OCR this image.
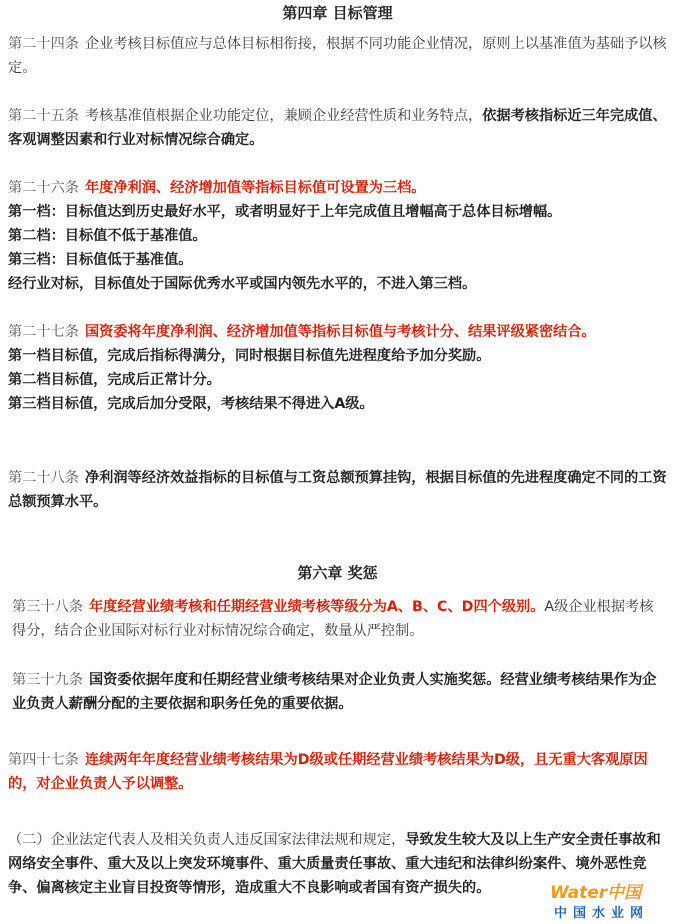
第四章 目标管理
第二十四条 企业考核目标值应与总体目标相衔接，根据不同功能企业情况，原则上以基准值为基础予以核定。
第二十五条 考核基准值根据企业功能定位，兼顾企业经营性质和业务特点，依据考核指标近三年完成值、客观调整因素和行业对标情况综合确定。
第二十六条 年度净利润、经济增加值等指标目标值可设置为三档。
第一档：目标值达到历史最好水平，或者明显好于上年完成值且增幅高于总体目标增幅。
第二档：目标值不低于基准值。
第三档：目标值低于基准值。
经行业对标，目标值处于国际优秀水平或国内领先水平的，不进入第三档。
第二十七条 国资委将年度净利润、经济增加值等指标目标值与考核计分、结果评级紧密结合。
第一档目标值，完成后指标得满分，同时根据目标值先进程度给予加分奖励。
第二档目标值，完成后正常计分。
第三档目标值，完成后加分受限，考核结果不得进入A级。
第二十八条 净利润等经济效益指标的目标值与工资总额预算挂钩，根据目标值的先进程度确定不同的工资总额预算水平。
第六章 奖惩
第三十八条 年度经营业绩考核和任期经营业绩考核等级分为A、B、C、D四个级别。A级企业根据考核得分，结合企业国际对标行业对标情况综合确定，数量从严控制。
第三十九条 国资委依据年度和任期经营业绩考核结果对企业负责人实施奖惩。经营业绩考核结果作为企业负责人薪酬分配的主要依据和职务任免的重要依据。
第四十七条 连续两年年度经营业绩考核结果为D级或任期经营业绩考核结果为D级，且无重大客观原因的，对企业负责人予以调整。
（二）企业法定代表人及相关负责人违反国家法律法规和规定，导致发生较大及以上生产安全责任事故和网络安全事件、重大及以上突发环境事件、重大质量责任事故、重大违纪和法律纠纷案件、境外恶性竞争、偏离核定主业盲目投资等情形，造成重大不良影响或者国有资产损失的。	Water中国
中国水业网
